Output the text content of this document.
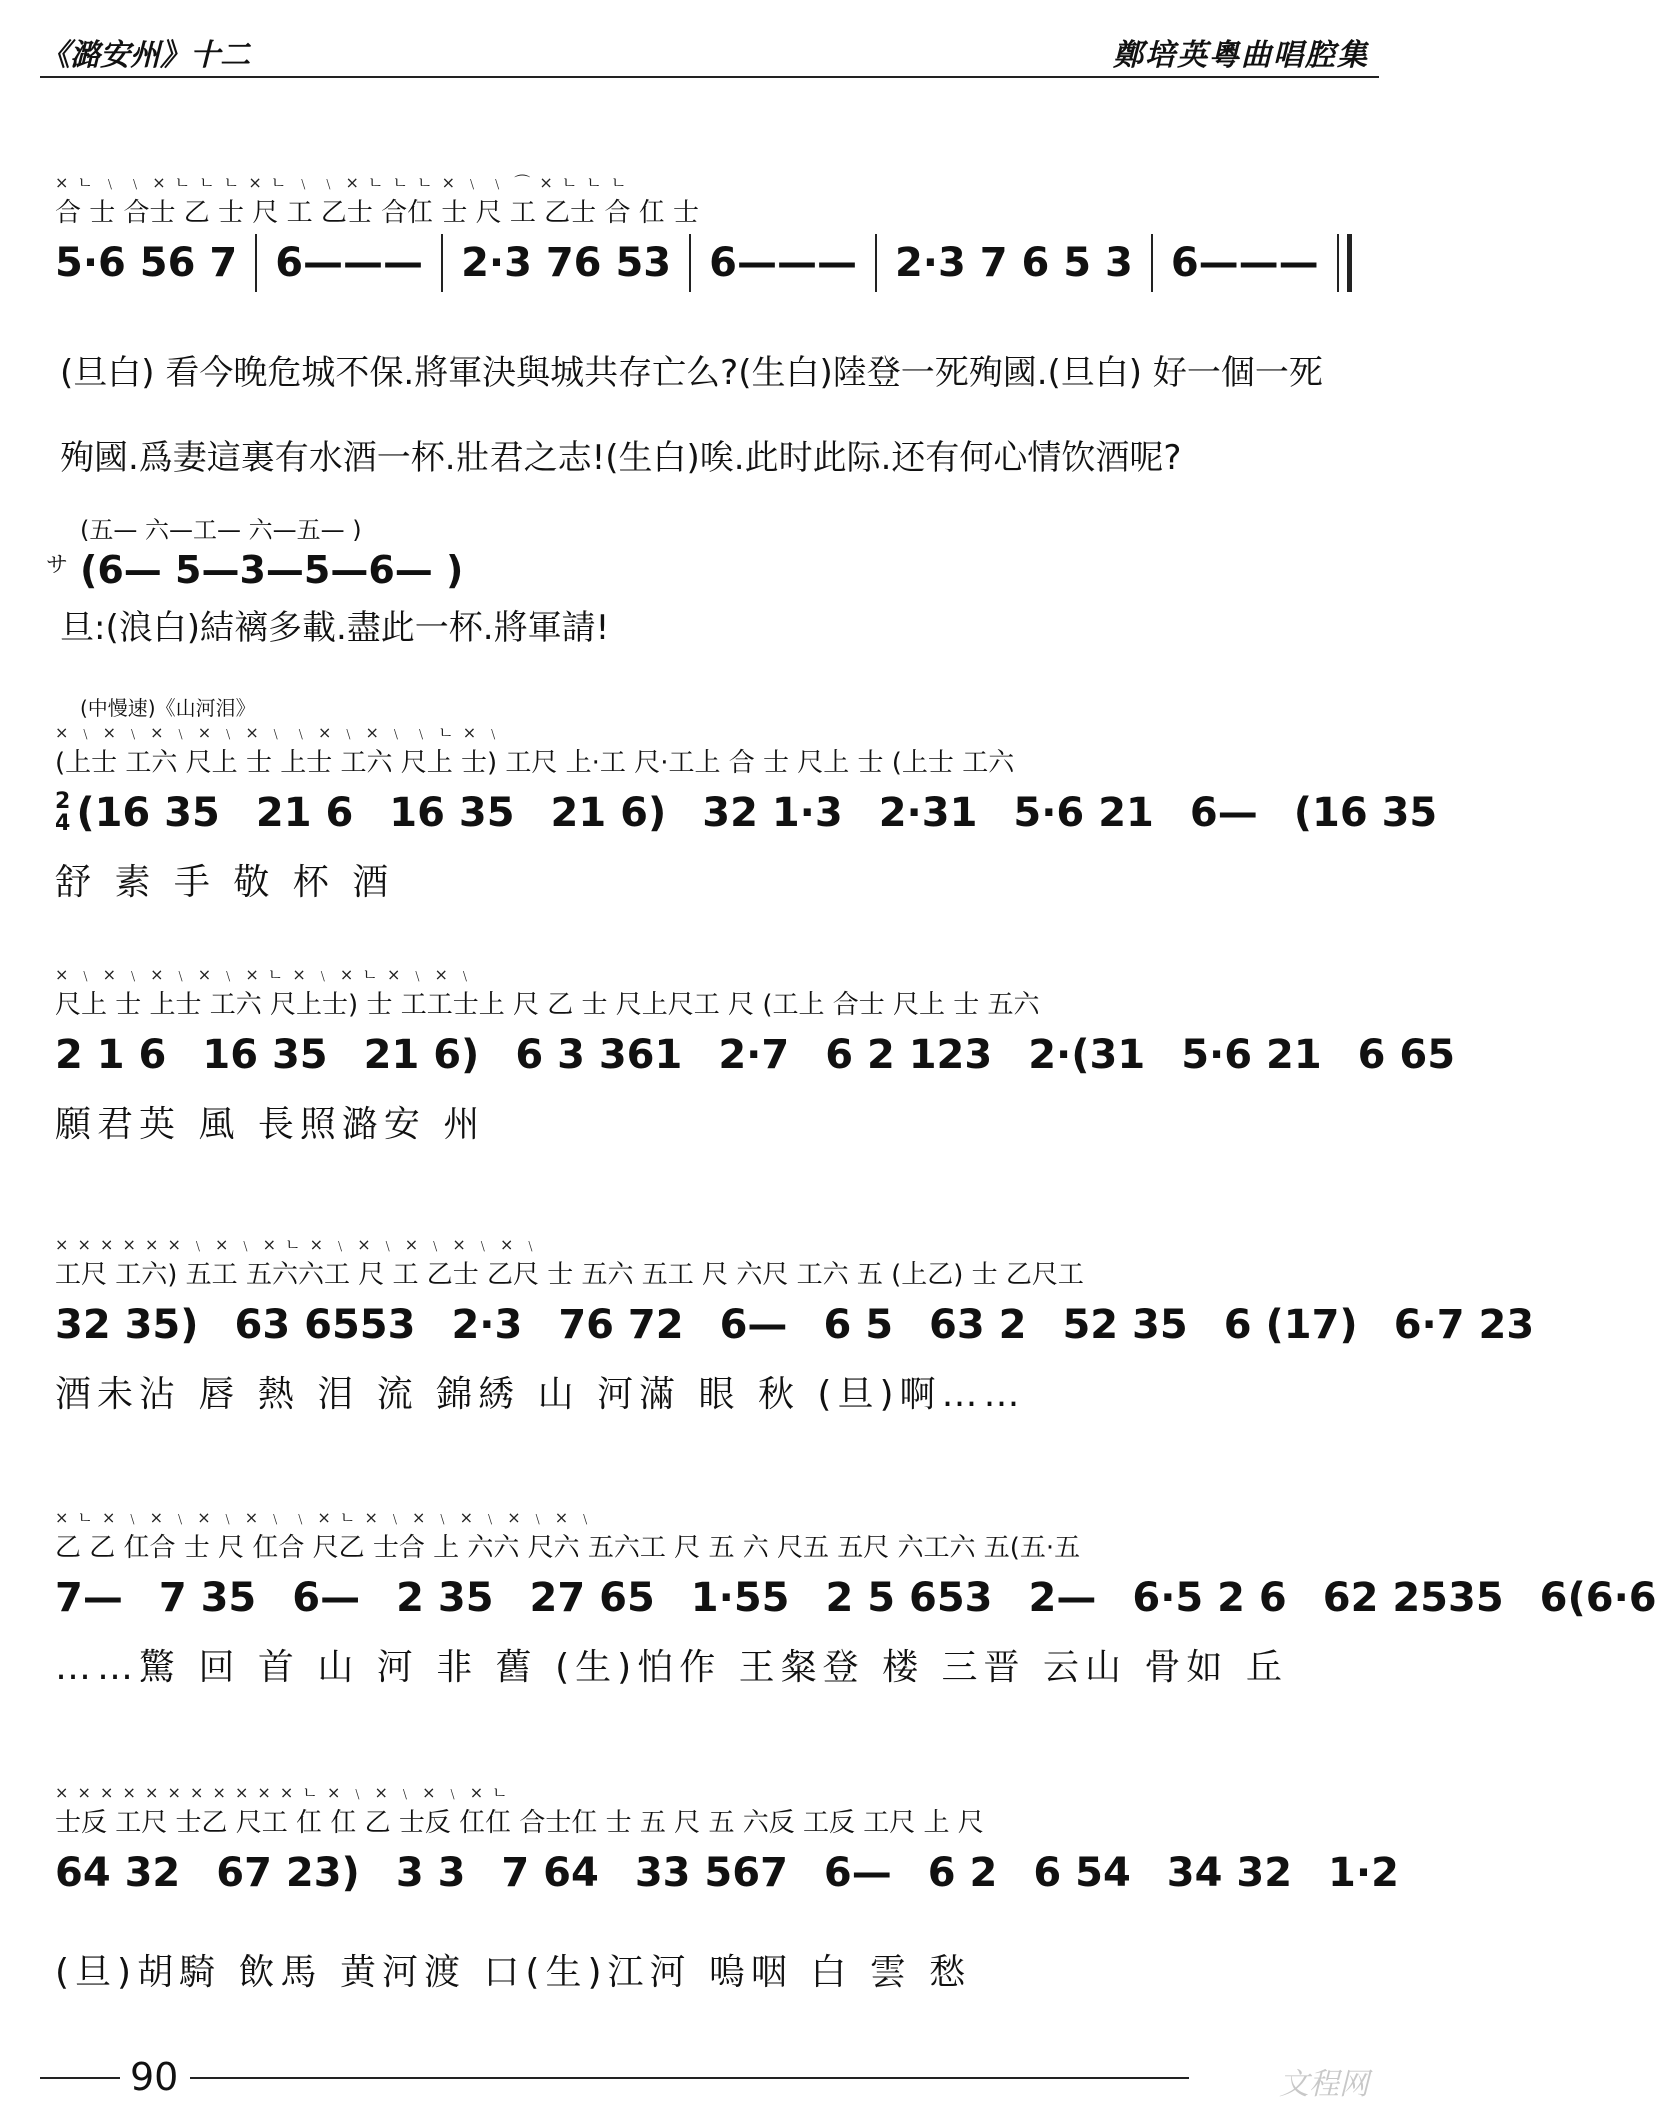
《潞安州》十二	鄭培英粵曲唱腔集
× ㄴ ﹨ ﹨ × ㄴ ㄴ ㄴ × ㄴ ﹨ ﹨ × ㄴ ㄴ ㄴ × ﹨ ﹨ ⌒ × ㄴ ㄴ ㄴ
合 士 合士 乙 士 尺 工 乙士 合仜 士 尺 工 乙士 合 仜 士
5·6 56 7 6——— 2·3 76 53 6——— 2·3 7 6 5 3 6———
(旦白) 看今晚危城不保.將軍決與城共存亡么?(生白)陸登一死殉國.(旦白) 好一個一死
殉國.爲妻這裏有水酒一杯.壯君之志!(生白)唉.此时此际.还有何心情饮酒呢?
(五— 六—工— 六—五— )
(6— 5—3—5—6— )
サ
旦:(浪白)結褵多載.盡此一杯.將軍請!
(中慢速)《山河泪》
× ﹨ × ﹨ × ﹨ × ﹨ × ﹨ ﹨ × ﹨ × ﹨ ﹨ ㄴ × ﹨
(上士 工六 尺上 士 上士 工六 尺上 士) 工尺 上·工 尺·工上 合 士 尺上 士 (上士 工六
2
4 (16 35 21 6 16 35 21 6) 32 1·3 2·31 5·6 21 6— (16 35
舒 素 手 敬 杯 酒
× ﹨ × ﹨ × ﹨ × ﹨ × ㄴ × ﹨ × ㄴ × ﹨ × ﹨
尺上 士 上士 工六 尺上士) 士 工工士上 尺 乙 士 尺上尺工 尺 (工上 合士 尺上 士 五六
2 1 6 16 35 21 6) 6 3 361 2·7 6 2 123 2·(31 5·6 21 6 65
願君英 風 長照潞安 州
× × × × × × ﹨ × ﹨ × ㄴ × ﹨ × ﹨ × ﹨ × ﹨ × ﹨
工尺 工六) 五工 五六六工 尺 工 乙士 乙尺 士 五六 五工 尺 六尺 工六 五 (上乙) 士 乙尺工
32 35) 63 6553 2·3 76 72 6— 6 5 63 2 52 35 6 (17) 6·7 23
酒未沾 唇 熱 泪 流 錦綉 山 河滿 眼 秋 (旦)啊……
× ㄴ × ﹨ × ﹨ × ﹨ × ﹨ ﹨ × ㄴ × ﹨ × ﹨ × ﹨ × ﹨ × ﹨
乙 乙 仜合 士 尺 仜合 尺乙 士合 上 六六 尺六 五六工 尺 五 六 尺五 五尺 六工六 五(五·五
7— 7 35 6— 2 35 27 65 1·55 2 5 653 2— 6·5 2 6 62 2535 6(6·6
……驚 回 首 山 河 非 舊 (生)怕作 王粲登 楼 三晋 云山 骨如 丘
× × × × × × × × × × × ㄴ × ﹨ × ﹨ × ﹨ × ㄴ
士反 工尺 士乙 尺工 仜 仜 乙 士反 仜仜 合士仜 士 五 尺 五 六反 工反 工尺 上 尺
64 32 67 23) 3 3 7 64 33 567 6— 6 2 6 54 34 32 1·2
(旦)胡騎 飲馬 黄河渡 口(生)江河 嗚咽 白 雲 愁
90	文程网
